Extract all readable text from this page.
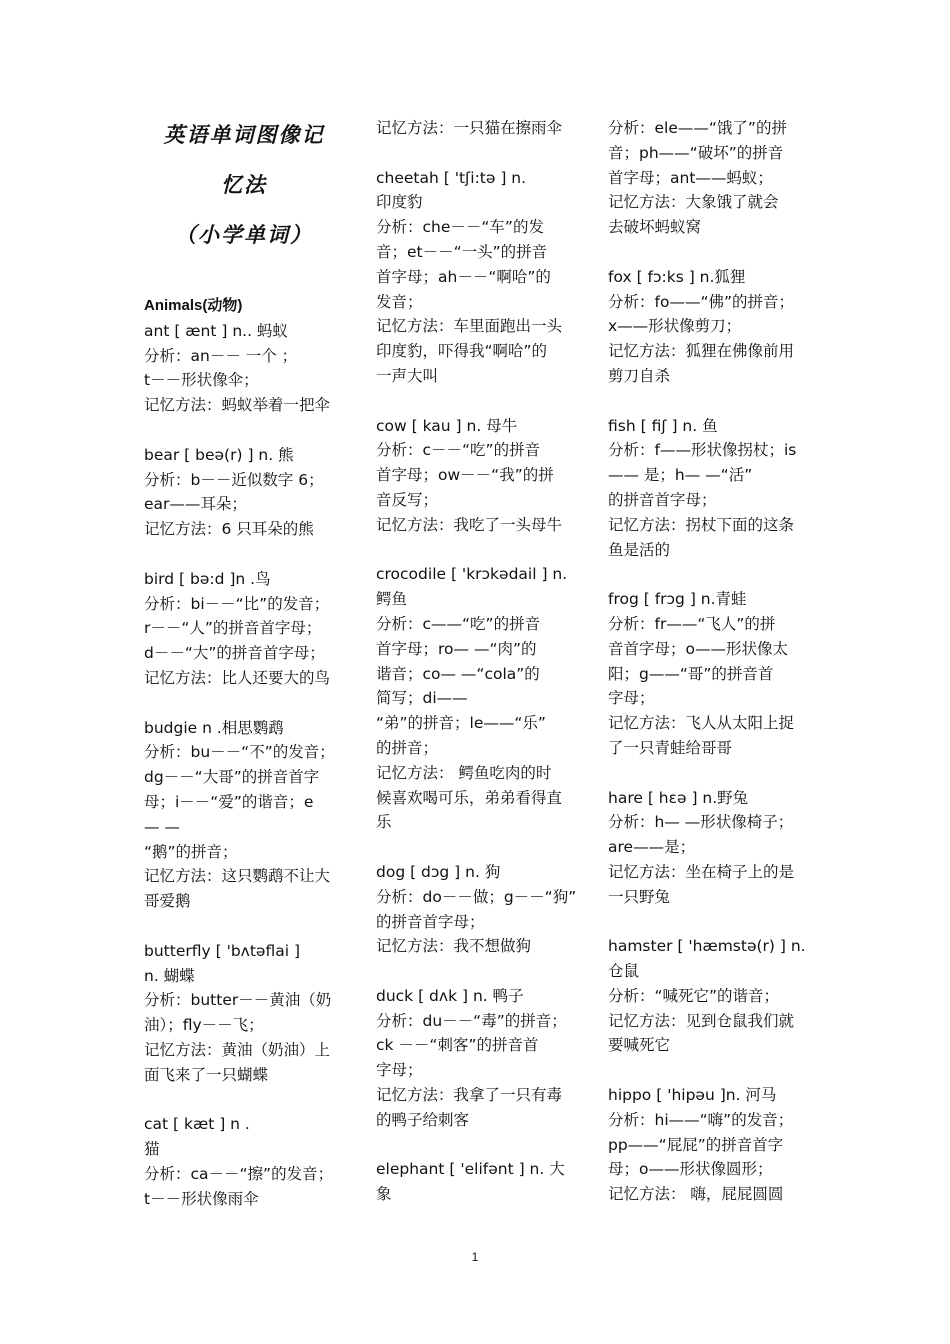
英语单词图像记
忆法
（小学单词）
Animals(动物)
ant [ ænt ] n.. 蚂蚁
分析：an－－ 一个 ；
t－－形状像伞；
记忆方法：蚂蚁举着一把伞
bear [ beə(r) ] n. 熊
分析：b－－近似数字 6；
ear——耳朵；
记忆方法：6 只耳朵的熊
bird [ bə:d ]n .鸟
分析：bi－－“比”的发音；
r－－“人”的拼音首字母；
d－－“大”的拼音首字母；
记忆方法：比人还要大的鸟
budgie n .相思鹦鹉
分析：bu－－“不”的发音；
dg－－“大哥”的拼音首字
母；i－－“爱”的谐音；e
— —
“鹅”的拼音；
记忆方法：这只鹦鹉不让大
哥爱鹅
butterfly [ 'bʌtəflai ]
n. 蝴蝶
分析：butter－－黄油（奶
油）；fly－－飞；
记忆方法：黄油（奶油）上
面飞来了一只蝴蝶
cat [ kæt ] n .
猫
分析：ca－－“擦”的发音；
t－－形状像雨伞
记忆方法：一只猫在擦雨伞
cheetah [ 'tʃi:tə ] n.
印度豹
分析：che－－“车”的发
音；et－－“一头”的拼音
首字母；ah－－“啊哈”的
发音；
记忆方法：车里面跑出一头
印度豹，吓得我“啊哈”的
一声大叫
cow [ kau ] n. 母牛
分析：c－－“吃”的拼音
首字母；ow－－“我”的拼
音反写；
记忆方法：我吃了一头母牛
crocodile [ 'krɔkədail ] n.
鳄鱼
分析：c——“吃”的拼音
首字母；ro— —“肉”的
谐音；co— —“cola”的
简写；di——
“弟”的拼音；le——“乐”
的拼音；
记忆方法： 鳄鱼吃肉的时
候喜欢喝可乐，弟弟看得直
乐
dog [ dɔg ] n. 狗
分析：do－－做；g－－“狗”
的拼音首字母；
记忆方法：我不想做狗
duck [ dʌk ] n. 鸭子
分析：du－－“毒”的拼音；
ck －－“刺客”的拼音首
字母；
记忆方法：我拿了一只有毒
的鸭子给刺客
elephant [ 'elifənt ] n. 大
象
分析：ele——“饿了”的拼
音；ph——“破坏”的拼音
首字母；ant——蚂蚁；
记忆方法：大象饿了就会
去破坏蚂蚁窝
fox [ fɔ:ks ] n.狐狸
分析：fo——“佛”的拼音；
x——形状像剪刀；
记忆方法：狐狸在佛像前用
剪刀自杀
fish [ fiʃ ] n. 鱼
分析：f——形状像拐杖；is
—— 是；h— —“活”
的拼音首字母；
记忆方法：拐杖下面的这条
鱼是活的
frog [ frɔg ] n.青蛙
分析：fr——“飞人”的拼
音首字母；o——形状像太
阳；g——“哥”的拼音首
字母；
记忆方法：飞人从太阳上捉
了一只青蛙给哥哥
hare [ hɛə ] n.野兔
分析：h— —形状像椅子；
are——是；
记忆方法：坐在椅子上的是
一只野兔
hamster [ 'hæmstə(r) ] n.
仓鼠
分析：“喊死它”的谐音；
记忆方法：见到仓鼠我们就
要喊死它
hippo [ 'hipəu ]n. 河马
分析：hi——“嗨”的发音；
pp——“屁屁”的拼音首字
母；o——形状像圆形；
记忆方法： 嗨，屁屁圆圆
1
